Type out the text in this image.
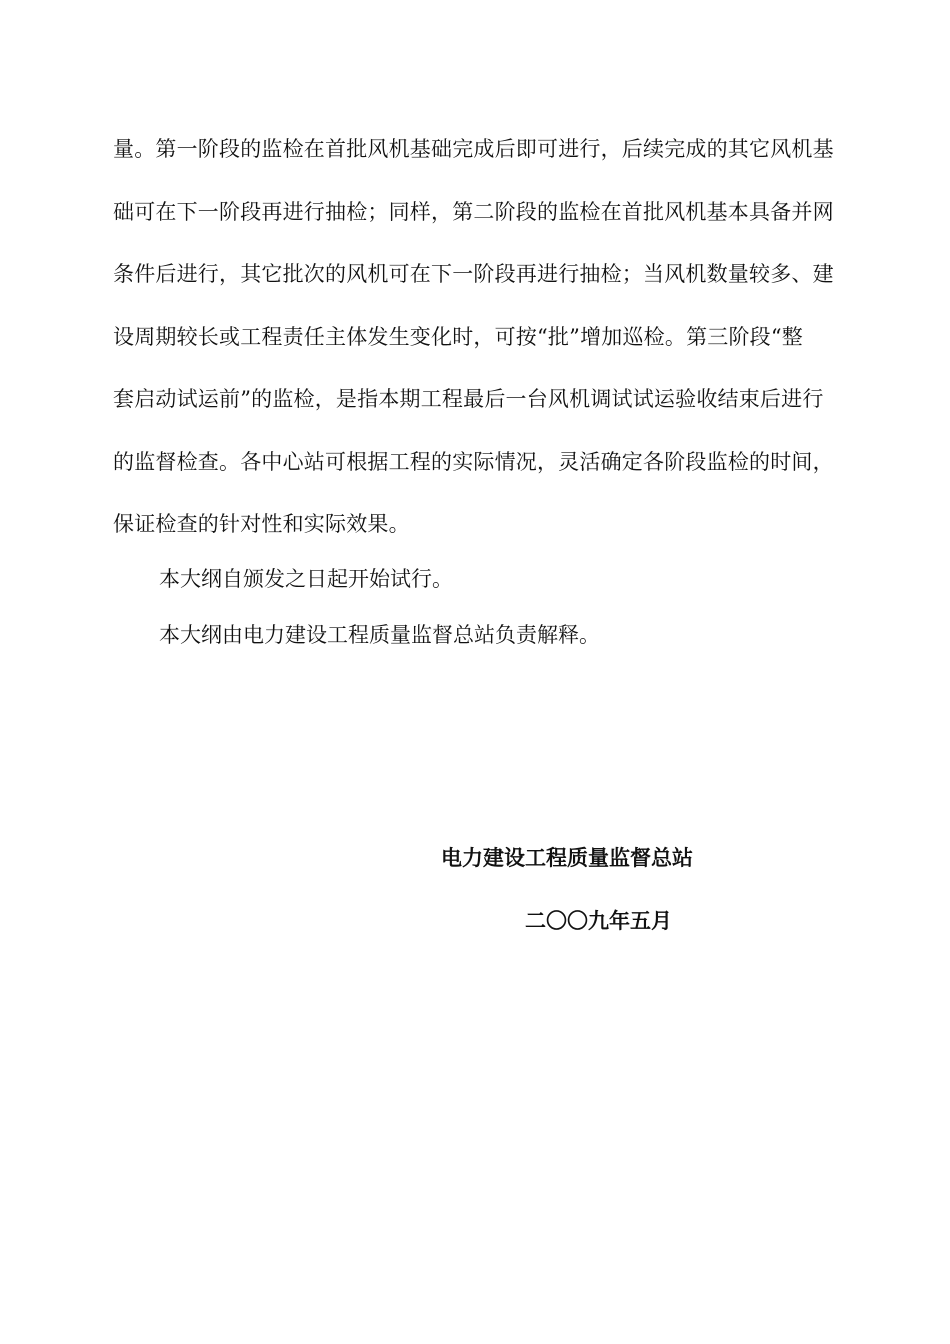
量。第一阶段的监检在首批风机基础完成后即可进行，后续完成的其它风机基
础可在下一阶段再进行抽检；同样，第二阶段的监检在首批风机基本具备并网
条件后进行，其它批次的风机可在下一阶段再进行抽检；当风机数量较多、建
设周期较长或工程责任主体发生变化时，可按“批”增加巡检。第三阶段“整
套启动试运前”的监检，是指本期工程最后一台风机调试试运验收结束后进行
的监督检查。各中心站可根据工程的实际情况，灵活确定各阶段监检的时间，
保证检查的针对性和实际效果。

本大纲自颁发之日起开始试行。

本大纲由电力建设工程质量监督总站负责解释。

电力建设工程质量监督总站

二〇〇九年五月
